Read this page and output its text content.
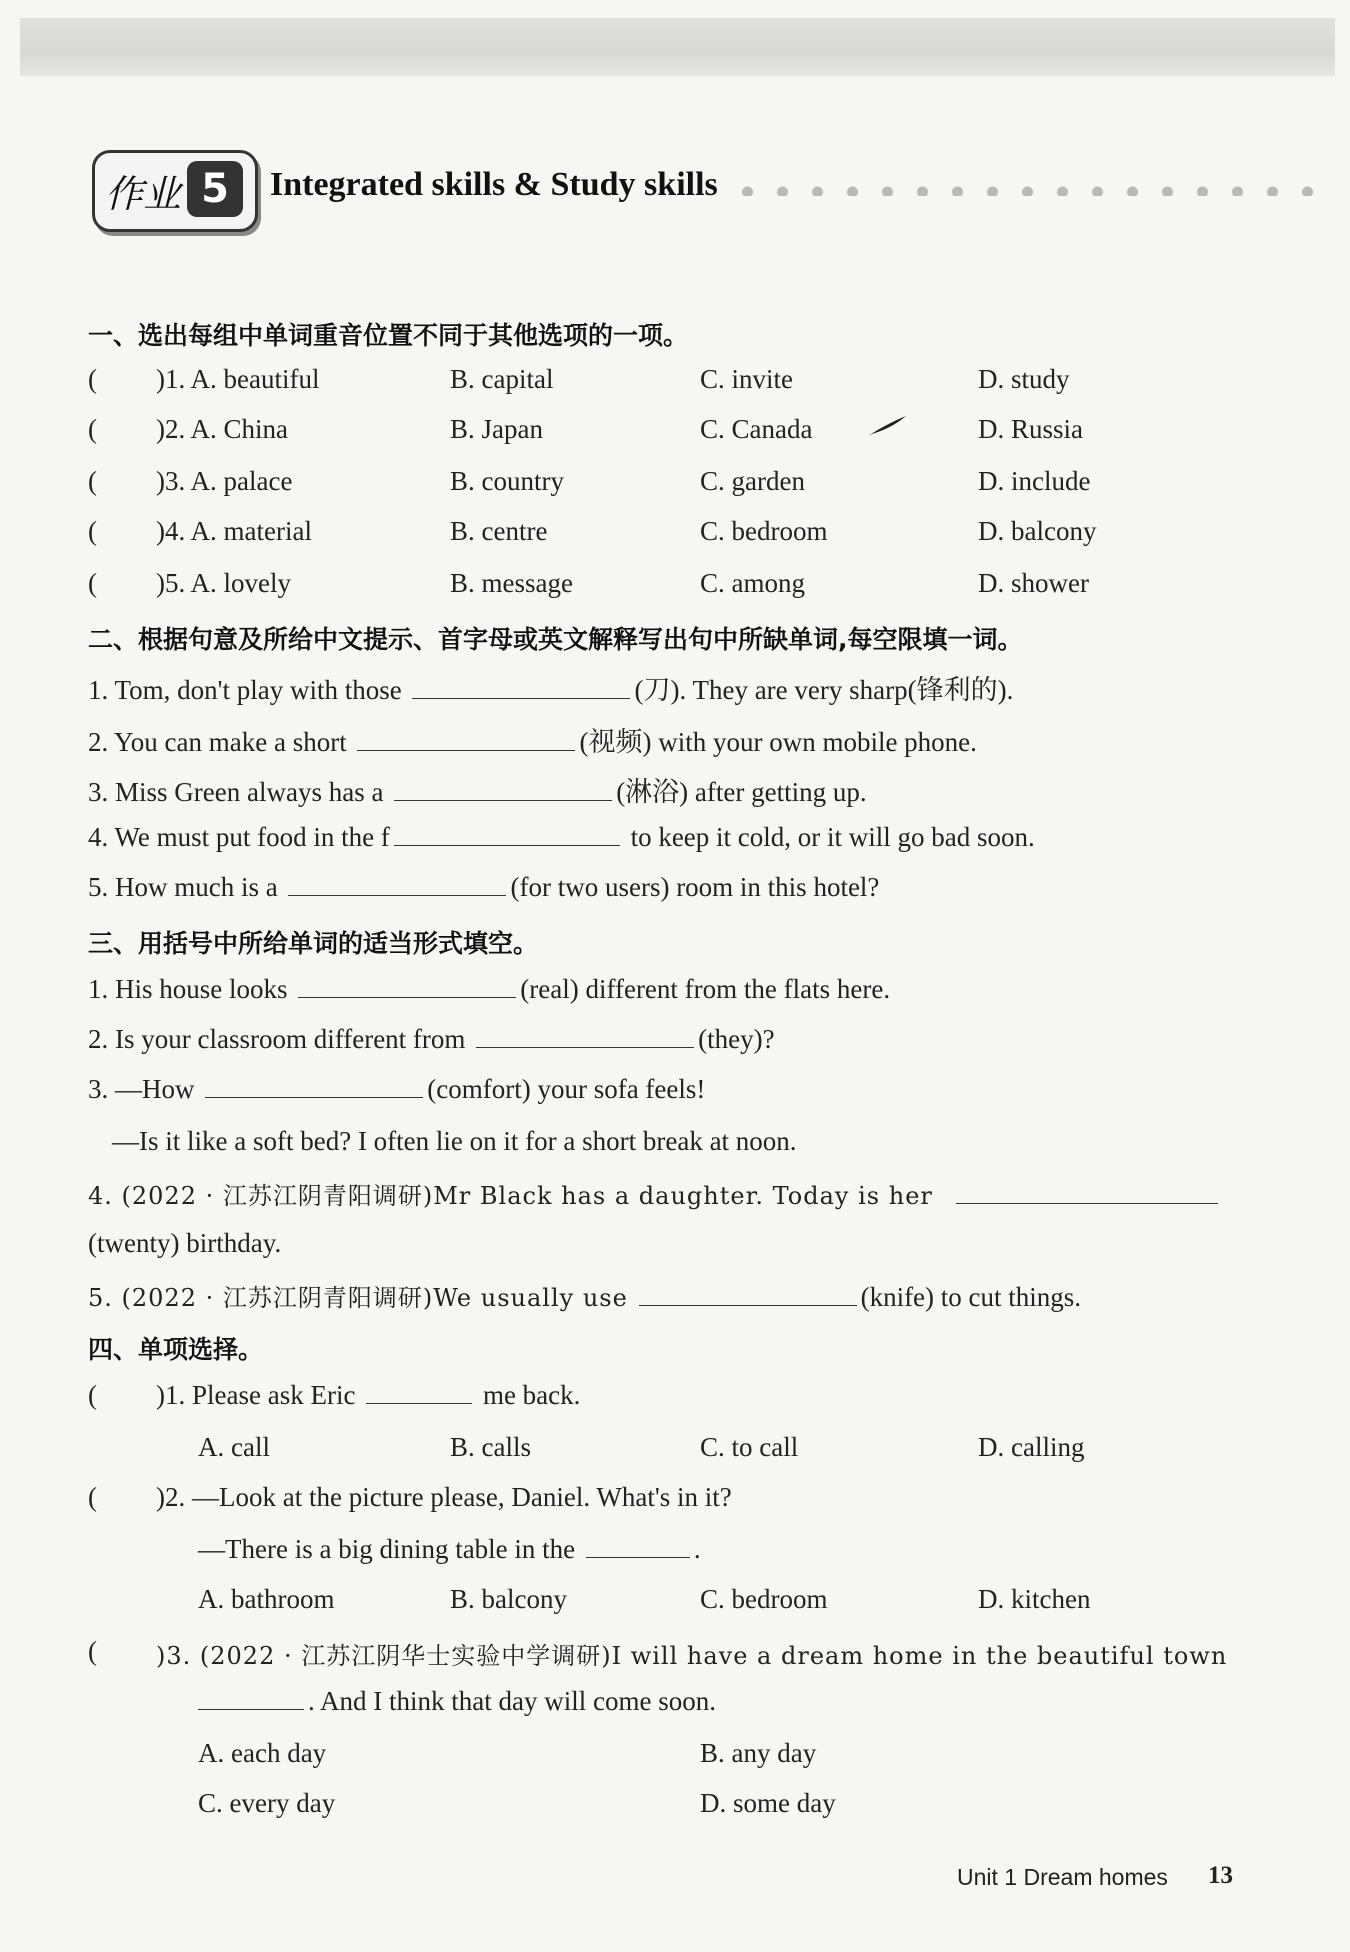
作业 5	Integrated skills & Study skills
一、选出每组中单词重音位置不同于其他选项的一项。
( )1. A. beautiful	B. capital	C. invite	D. study
( )2. A. China	B. Japan	C. Canada	D. Russia
( )3. A. palace	B. country	C. garden	D. include
( )4. A. material	B. centre	C. bedroom	D. balcony
( )5. A. lovely	B. message	C. among	D. shower
二、根据句意及所给中文提示、首字母或英文解释写出句中所缺单词,每空限填一词。
1. Tom, don't play with those	(刀). They are very sharp(锋利的).
2. You can make a short	(视频) with your own mobile phone.
3. Miss Green always has a	(淋浴) after getting up.
4. We must put food in the f	to keep it cold, or it will go bad soon.
5. How much is a	(for two users) room in this hotel?
三、用括号中所给单词的适当形式填空。
1. His house looks	(real) different from the flats here.
2. Is your classroom different from	(they)?
3. —How	(comfort) your sofa feels!
—Is it like a soft bed? I often lie on it for a short break at noon.
4. (2022 · 江苏江阴青阳调研)Mr Black has a daughter. Today is her
(twenty) birthday.
5. (2022 · 江苏江阴青阳调研)We usually use	(knife) to cut things.
四、单项选择。
( )1. Please ask Eric	me back.
A. call	B. calls	C. to call	D. calling
( )2. —Look at the picture please, Daniel. What's in it?
—There is a big dining table in the	.
A. bathroom	B. balcony	C. bedroom	D. kitchen
( )3. (2022 · 江苏江阴华士实验中学调研)I will have a dream home in the beautiful town
. And I think that day will come soon.
A. each day	B. any day
C. every day	D. some day
Unit 1 Dream homes 13
